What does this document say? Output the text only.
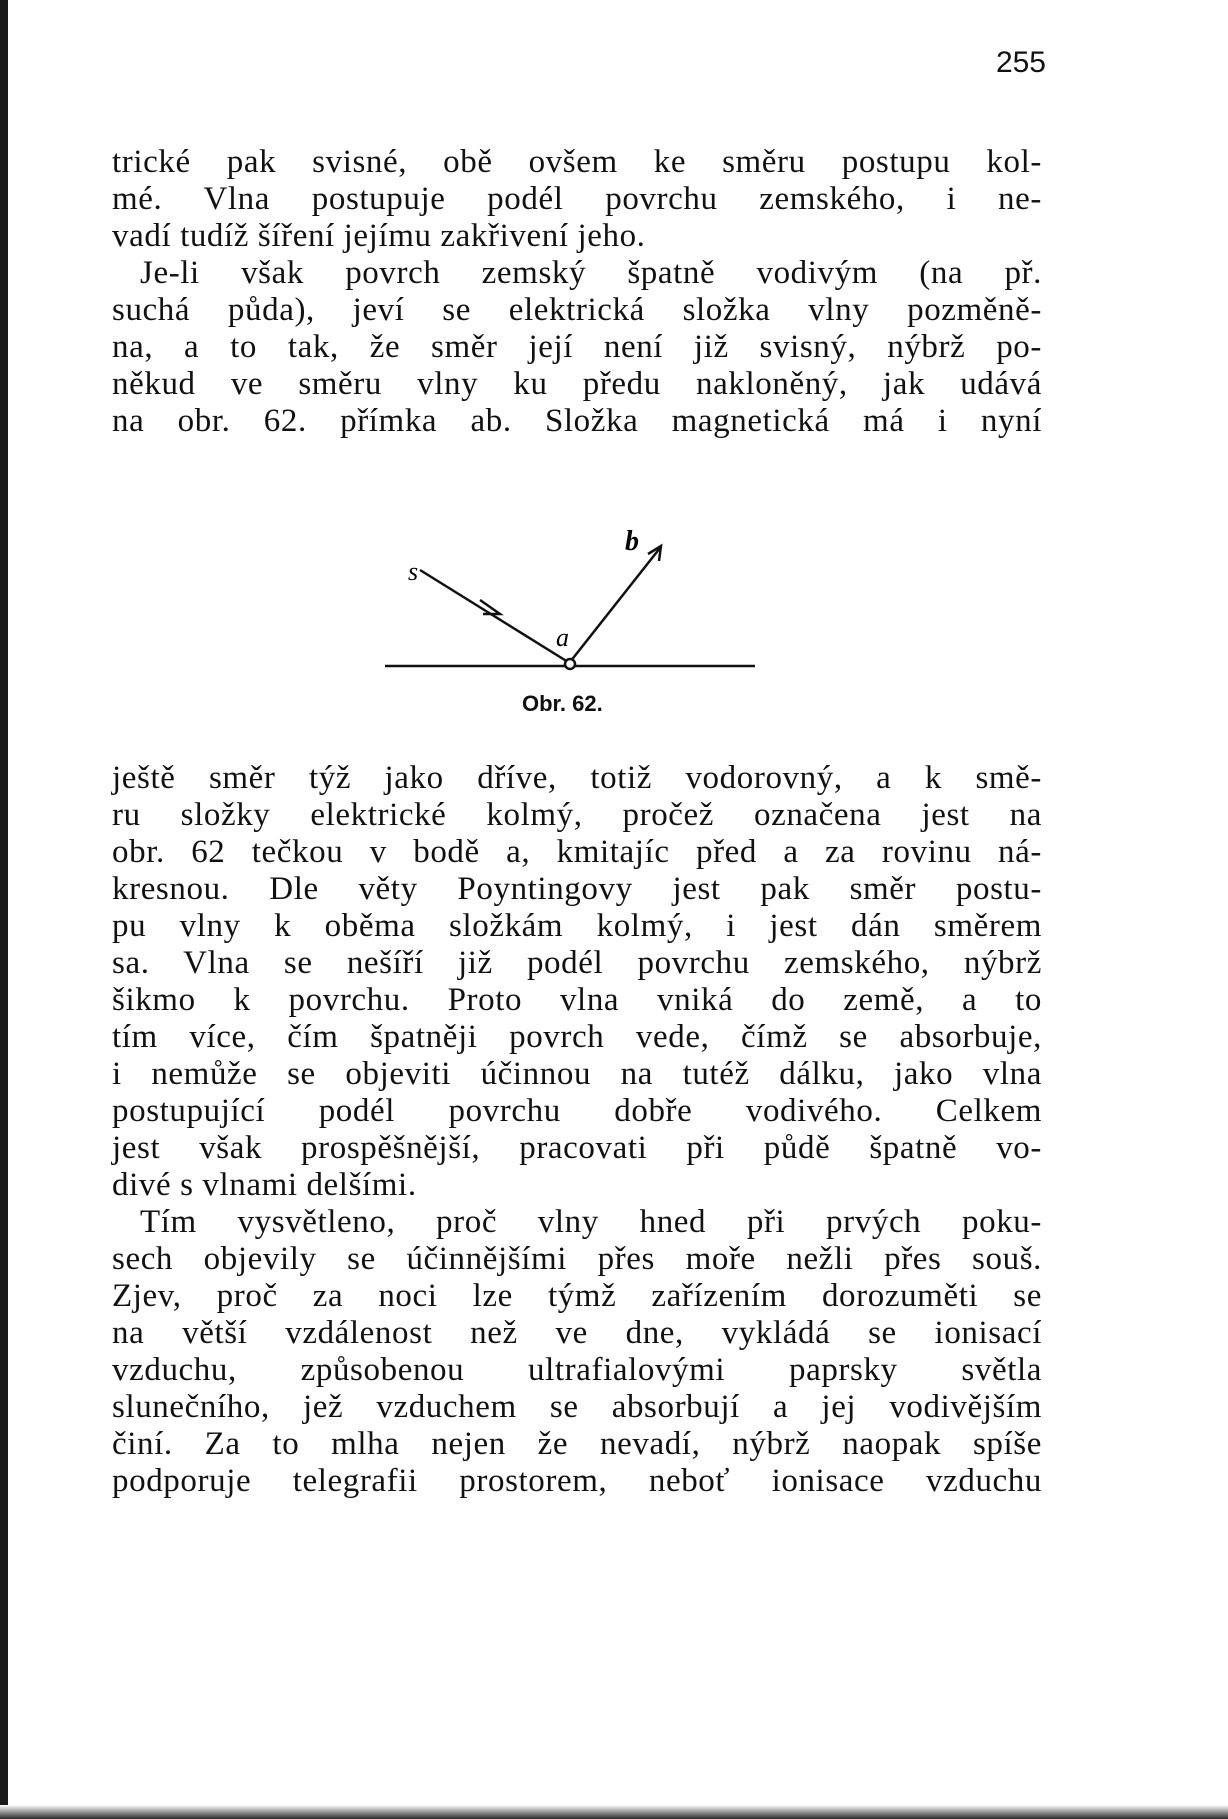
255
trické pak svisné, obě ovšem ke směru postupu kol-
mé. Vlna postupuje podél povrchu zemského, i ne-
vadí tudíž šíření jejímu zakřivení jeho.
Je-li však povrch zemský špatně vodivým (na př.
suchá půda), jeví se elektrická složka vlny pozměně-
na, a to tak, že směr její není již svisný, nýbrž po-
někud ve směru vlny ku předu nakloněný, jak udává
na obr. 62. přímka ab. Složka magnetická má i nyní
s
a
b
Obr. 62.
ještě směr týž jako dříve, totiž vodorovný, a k smě-
ru složky elektrické kolmý, pročež označena jest na
obr. 62 tečkou v bodě a, kmitajíc před a za rovinu ná-
kresnou. Dle věty Poyntingovy jest pak směr postu-
pu vlny k oběma složkám kolmý, i jest dán směrem
sa. Vlna se nešíří již podél povrchu zemského, nýbrž
šikmo k povrchu. Proto vlna vniká do země, a to
tím více, čím špatněji povrch vede, čímž se absorbuje,
i nemůže se objeviti účinnou na tutéž dálku, jako vlna
postupující podél povrchu dobře vodivého. Celkem
jest však prospěšnější, pracovati při půdě špatně vo-
divé s vlnami delšími.
Tím vysvětleno, proč vlny hned při prvých poku-
sech objevily se účinnějšími přes moře nežli přes souš.
Zjev, proč za noci lze týmž zařízením dorozuměti se
na větší vzdálenost než ve dne, vykládá se ionisací
vzduchu, způsobenou ultrafialovými paprsky světla
slunečního, jež vzduchem se absorbují a jej vodivějším
činí. Za to mlha nejen že nevadí, nýbrž naopak spíše
podporuje telegrafii prostorem, neboť ionisace vzduchu
